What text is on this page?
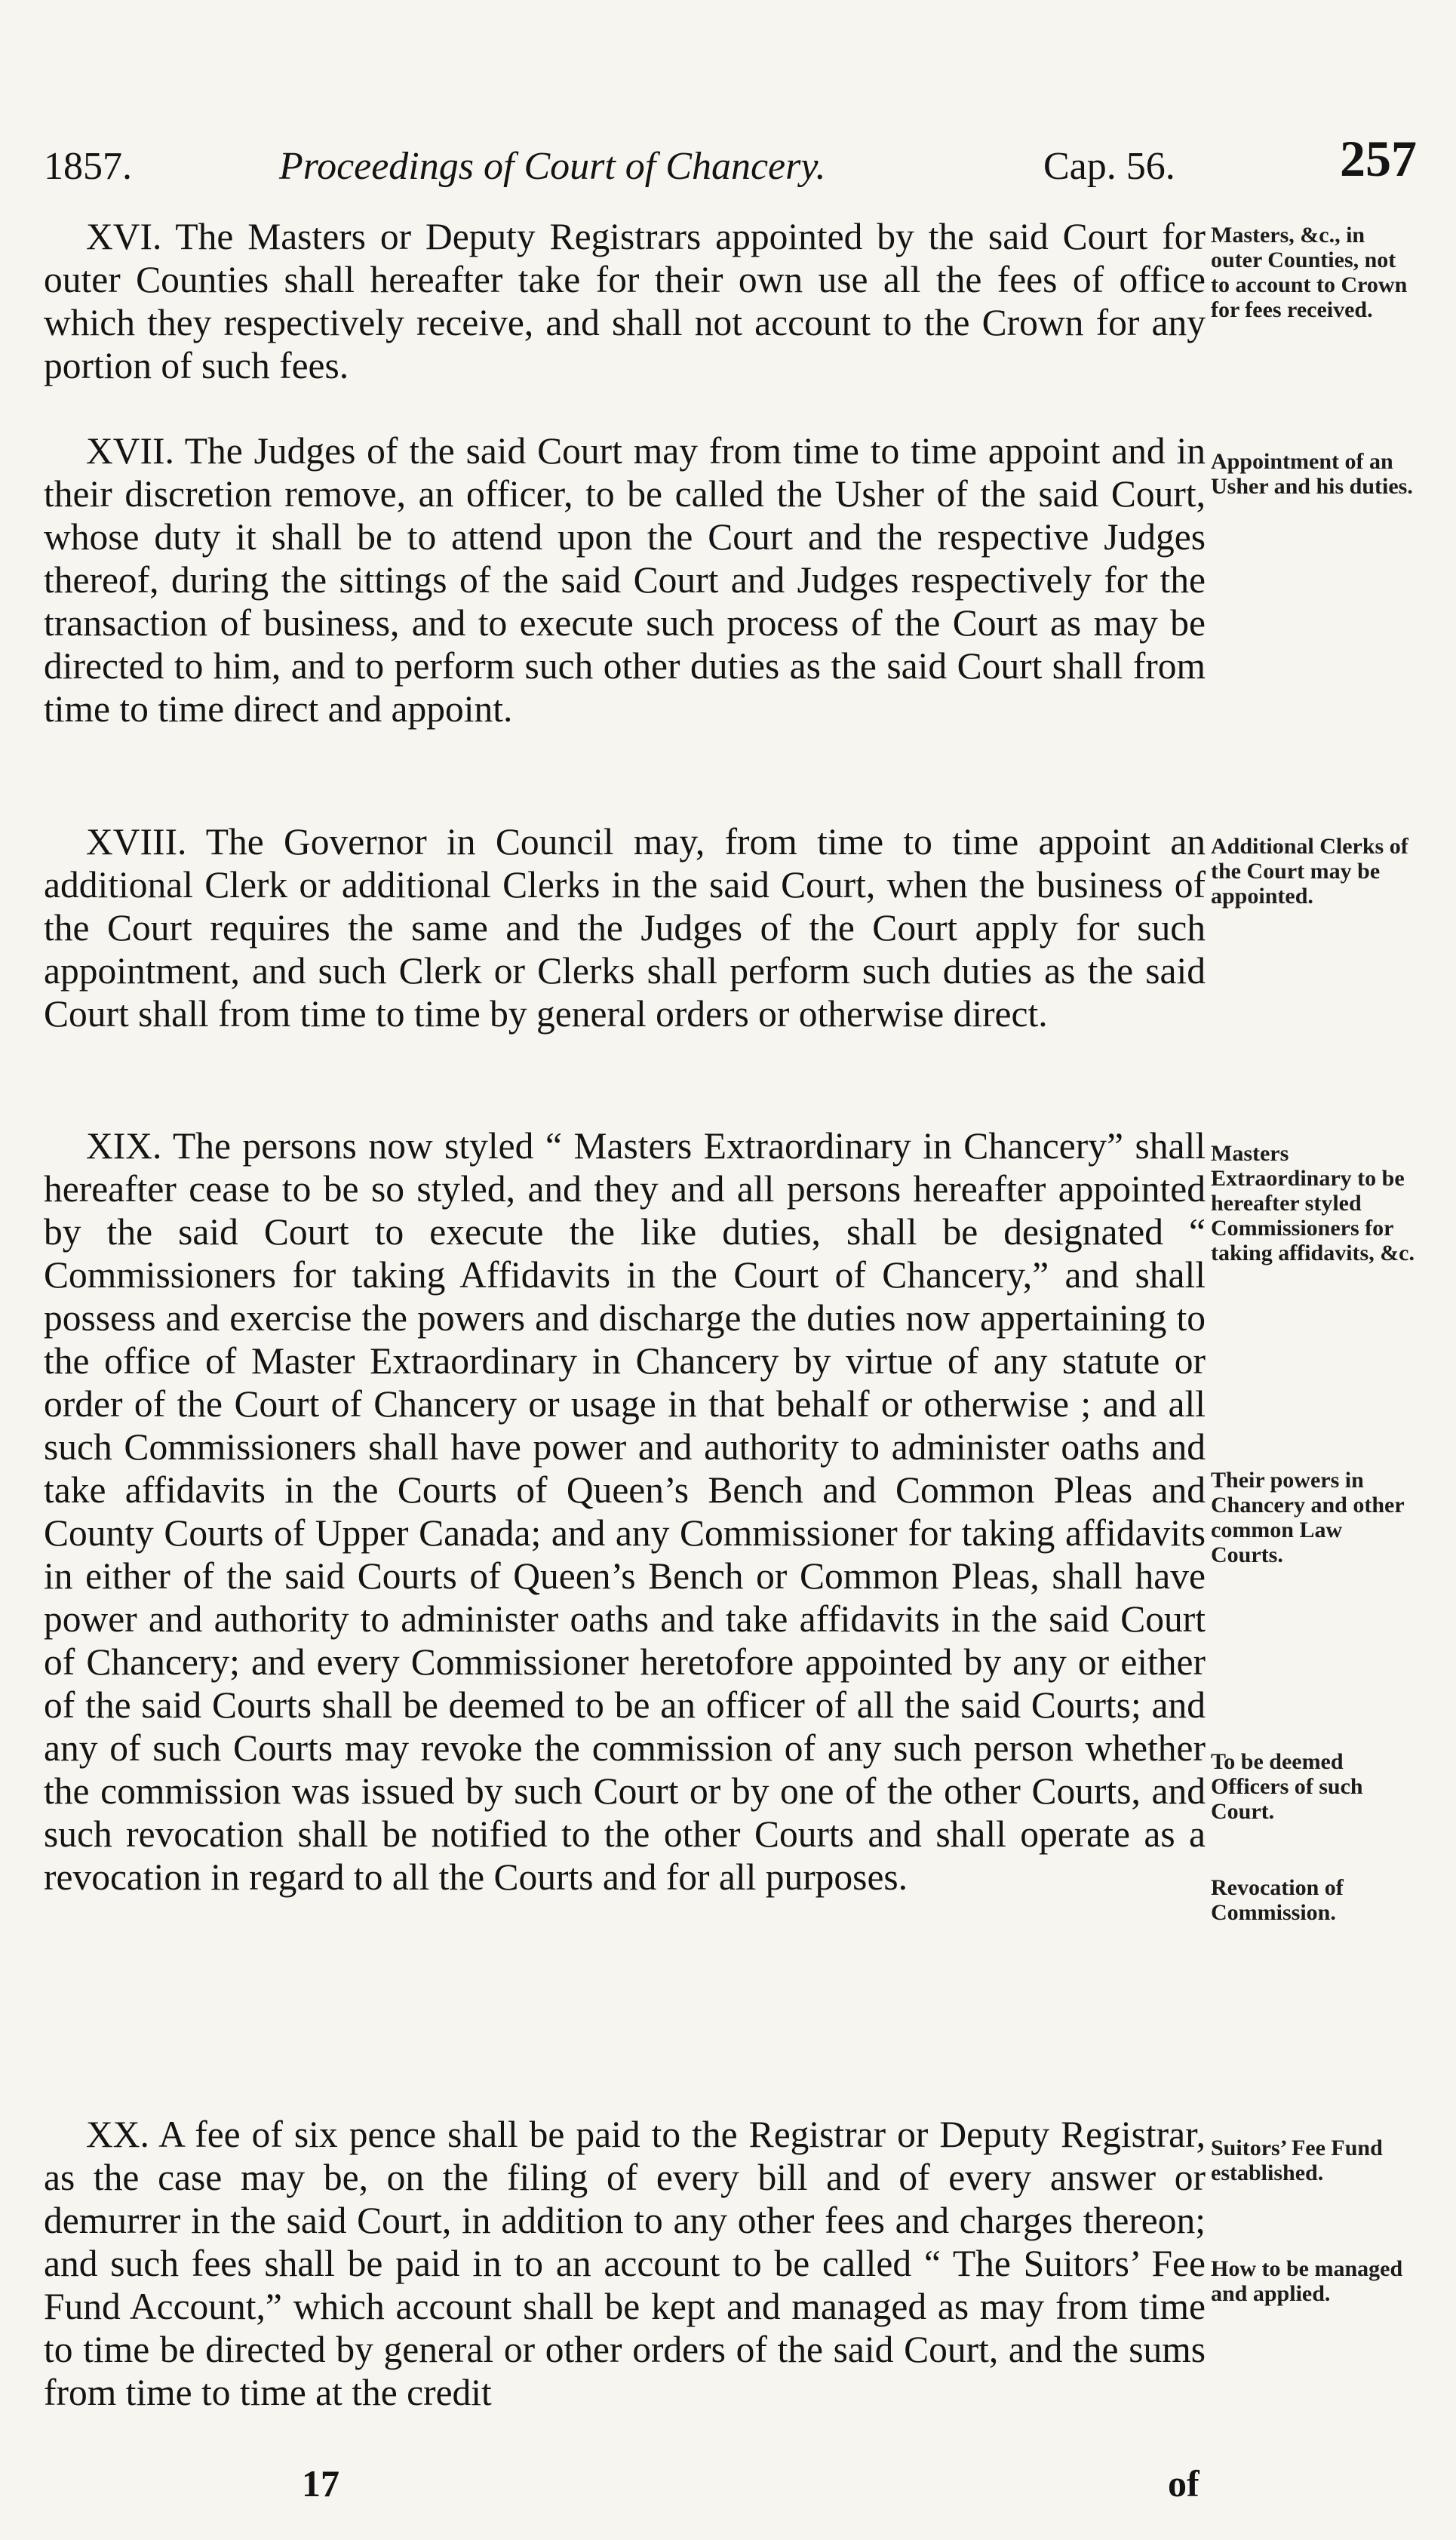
1857.	Proceedings of Court of Chancery.	Cap. 56.	257

XVI. The Masters or Deputy Registrars appointed by the said Court for outer Counties shall hereafter take for their own use all the fees of office which they respectively receive, and shall not account to the Crown for any portion of such fees.

Masters, &c., in outer Counties, not to account to Crown for fees received.

XVII. The Judges of the said Court may from time to time appoint and in their discretion remove, an officer, to be called the Usher of the said Court, whose duty it shall be to attend upon the Court and the respective Judges thereof, during the sittings of the said Court and Judges respectively for the transaction of business, and to execute such process of the Court as may be directed to him, and to perform such other duties as the said Court shall from time to time direct and appoint.

Appointment of an Usher and his duties.

XVIII. The Governor in Council may, from time to time appoint an additional Clerk or additional Clerks in the said Court, when the business of the Court requires the same and the Judges of the Court apply for such appointment, and such Clerk or Clerks shall perform such duties as the said Court shall from time to time by general orders or otherwise direct.

Additional Clerks of the Court may be appointed.

XIX. The persons now styled “ Masters Extraordinary in Chancery” shall hereafter cease to be so styled, and they and all persons hereafter appointed by the said Court to execute the like duties, shall be designated “ Commissioners for taking Affidavits in the Court of Chancery,” and shall possess and exercise the powers and discharge the duties now appertaining to the office of Master Extraordinary in Chancery by virtue of any statute or order of the Court of Chancery or usage in that behalf or otherwise ; and all such Commissioners shall have power and authority to administer oaths and take affidavits in the Courts of Queen’s Bench and Common Pleas and County Courts of Upper Canada; and any Commissioner for taking affidavits in either of the said Courts of Queen’s Bench or Common Pleas, shall have power and authority to administer oaths and take affidavits in the said Court of Chancery; and every Commissioner heretofore appointed by any or either of the said Courts shall be deemed to be an officer of all the said Courts; and any of such Courts may revoke the commission of any such person whether the commission was issued by such Court or by one of the other Courts, and such revocation shall be notified to the other Courts and shall operate as a revocation in regard to all the Courts and for all purposes.

Masters Extraordinary to be hereafter styled Commissioners for taking affidavits, &c.
Their powers in Chancery and other common Law Courts.
To be deemed Officers of such Court.
Revocation of Commission.

XX. A fee of six pence shall be paid to the Registrar or Deputy Registrar, as the case may be, on the filing of every bill and of every answer or demurrer in the said Court, in addition to any other fees and charges thereon; and such fees shall be paid in to an account to be called “ The Suitors’ Fee Fund Account,” which account shall be kept and managed as may from time to time be directed by general or other orders of the said Court, and the sums from time to time at the credit

Suitors’ Fee Fund established.
How to be managed and applied.
17	of
